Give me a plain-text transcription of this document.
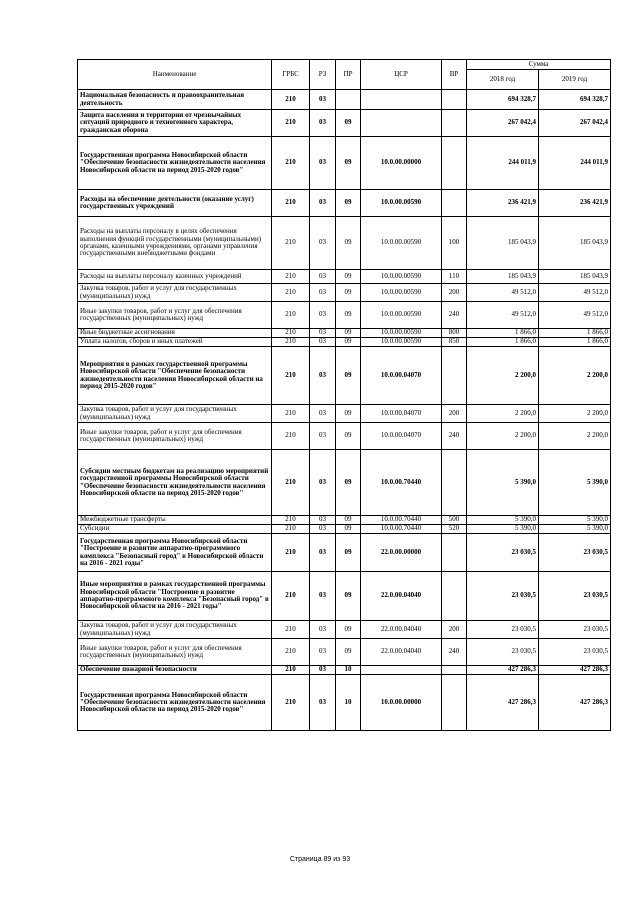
Наименование	ГРБС	РЗ	ПР	ЦСР	ВР	Сумма	
						2018 год	2019 год
Национальная безопасность и правоохранительная деятельность	210	03				694 328,7	694 328,7
Защита населения и территории от чрезвычайных ситуаций природного и техногенного характера, гражданская оборона	210	03	09			267 042,4	267 042,4
Государственная программа Новосибирской области "Обеспечение безопасности жизнедеятельности населения Новосибирской области на период 2015-2020 годов"	210	03	09	10.0.00.00000		244 011,9	244 011,9
Расходы на обеспечение деятельности (оказание услуг) государственных учреждений	210	03	09	10.0.00.00590		236 421,9	236 421,9
Расходы на выплаты персоналу в целях обеспечения выполнения функций государственными (муниципальными) органами, казенными учреждениями, органами управления государственными внебюджетными фондами	210	03	09	10.0.00.00590	100	185 043,9	185 043,9
Расходы на выплаты персоналу казенных учреждений	210	03	09	10.0.00.00590	110	185 043,9	185 043,9
Закупка товаров, работ и услуг для государственных (муниципальных) нужд	210	03	09	10.0.00.00590	200	49 512,0	49 512,0
Иные закупки товаров, работ и услуг для обеспечения государственных (муниципальных) нужд	210	03	09	10.0.00.00590	240	49 512,0	49 512,0
Иные бюджетные ассигнования	210	03	09	10.0.00.00590	800	1 866,0	1 866,0
Уплата налогов, сборов и иных платежей	210	03	09	10.0.00.00590	850	1 866,0	1 866,0
Мероприятия в рамках государственной программы Новосибирской области "Обеспечение безопасности жизнедеятельности населения Новосибирской области на период 2015-2020 годов"	210	03	09	10.0.00.04070		2 200,0	2 200,0
Закупка товаров, работ и услуг для государственных (муниципальных) нужд	210	03	09	10.0.00.04070	200	2 200,0	2 200,0
Иные закупки товаров, работ и услуг для обеспечения государственных (муниципальных) нужд	210	03	09	10.0.00.04070	240	2 200,0	2 200,0
Субсидии местным бюджетам на реализацию мероприятий государственной программы Новосибирской области "Обеспечение безопасности жизнедеятельности населения Новосибирской области на период 2015-2020 годов"	210	03	09	10.0.00.70440		5 390,0	5 390,0
Межбюджетные трансферты	210	03	09	10.0.00.70440	500	5 390,0	5 390,0
Субсидии	210	03	09	10.0.00.70440	520	5 390,0	5 390,0
Государственная программа Новосибирской области "Построение и развитие аппаратно-программного комплекса "Безопасный город" в Новосибирской области на 2016 - 2021 годы"	210	03	09	22.0.00.00000		23 030,5	23 030,5
Иные мероприятия в рамках государственной программы Новосибирской области "Построение и развитие аппаратно-программного комплекса "Безопасный город" в Новосибирской области на 2016 - 2021 годы"	210	03	09	22.0.00.04040		23 030,5	23 030,5
Закупка товаров, работ и услуг для государственных (муниципальных) нужд	210	03	09	22.0.00.04040	200	23 030,5	23 030,5
Иные закупки товаров, работ и услуг для обеспечения государственных (муниципальных) нужд	210	03	09	22.0.00.04040	240	23 030,5	23 030,5
Обеспечение пожарной безопасности	210	03	10			427 286,3	427 286,3
Государственная программа Новосибирской области "Обеспечение безопасности жизнедеятельности населения Новосибирской области на период 2015-2020 годов"	210	03	10	10.0.00.00000		427 286,3	427 286,3
Страница 89 из 93
